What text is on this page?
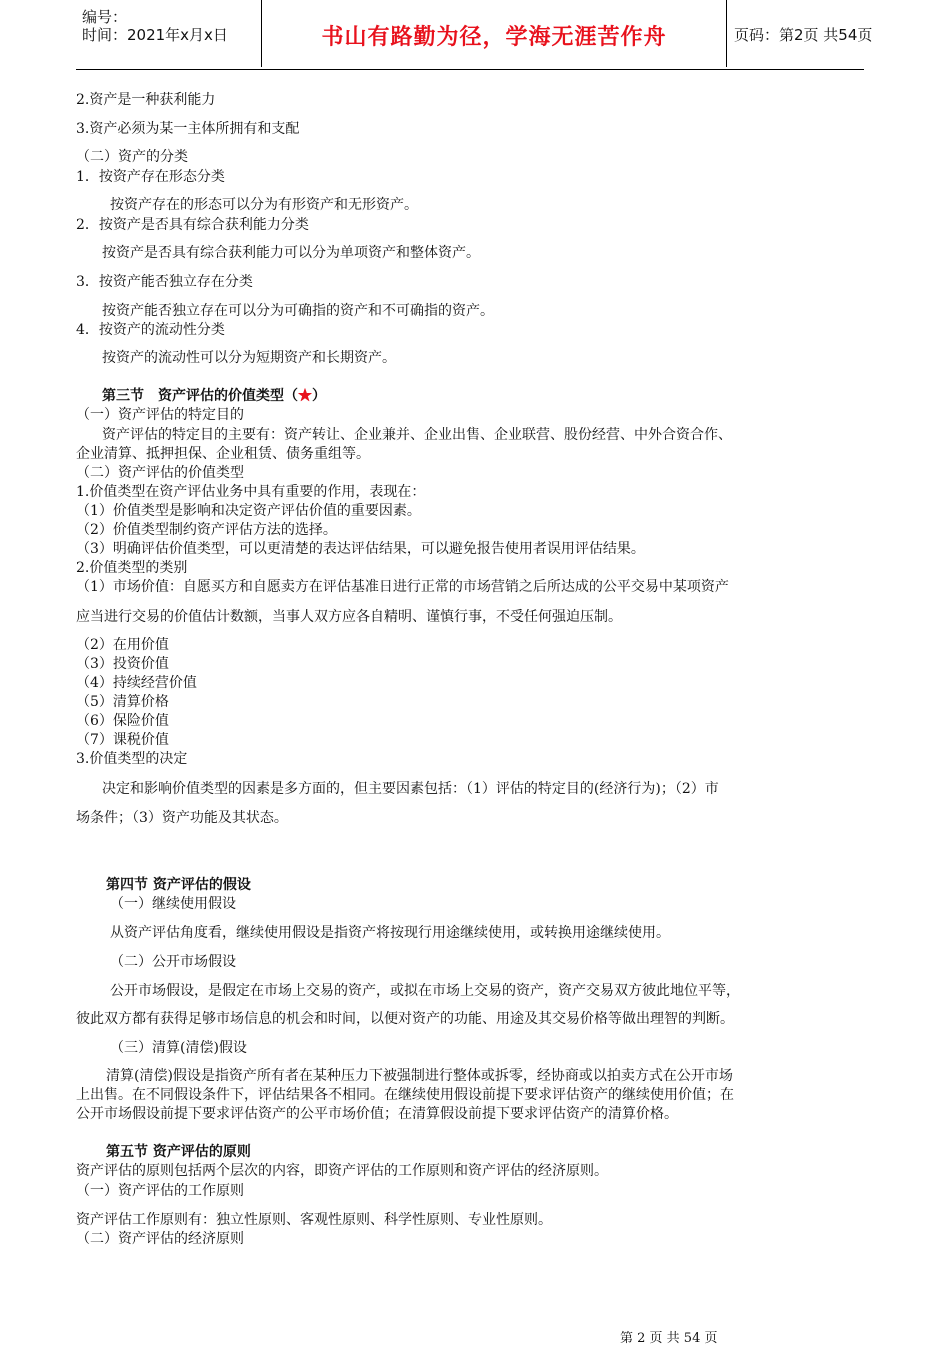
编号：
时间：2021年x月x日	书山有路勤为径，学海无涯苦作舟	页码：第2页 共54页
2.资产是一种获利能力
3.资产必须为某一主体所拥有和支配
（二）资产的分类
1．按资产存在形态分类
按资产存在的形态可以分为有形资产和无形资产。
2．按资产是否具有综合获利能力分类
按资产是否具有综合获利能力可以分为单项资产和整体资产。
3．按资产能否独立存在分类
按资产能否独立存在可以分为可确指的资产和不可确指的资产。
4．按资产的流动性分类
按资产的流动性可以分为短期资产和长期资产。
第三节　资产评估的价值类型（★）
（一）资产评估的特定目的
资产评估的特定目的主要有：资产转让、企业兼并、企业出售、企业联营、股份经营、中外合资合作、
企业清算、抵押担保、企业租赁、债务重组等。
（二）资产评估的价值类型
1.价值类型在资产评估业务中具有重要的作用，表现在：
（1）价值类型是影响和决定资产评估价值的重要因素。
（2）价值类型制约资产评估方法的选择。
（3）明确评估价值类型，可以更清楚的表达评估结果，可以避免报告使用者误用评估结果。
2.价值类型的类别
（1）市场价值：自愿买方和自愿卖方在评估基准日进行正常的市场营销之后所达成的公平交易中某项资产
应当进行交易的价值估计数额，当事人双方应各自精明、谨慎行事，不受任何强迫压制。
（2）在用价值
（3）投资价值
（4）持续经营价值
（5）清算价格
（6）保险价值
（7）课税价值
3.价值类型的决定
决定和影响价值类型的因素是多方面的，但主要因素包括：（1）评估的特定目的(经济行为)；（2）市
场条件；（3）资产功能及其状态。
第四节 资产评估的假设
（一）继续使用假设
从资产评估角度看，继续使用假设是指资产将按现行用途继续使用，或转换用途继续使用。
（二）公开市场假设
公开市场假设，是假定在市场上交易的资产，或拟在市场上交易的资产，资产交易双方彼此地位平等，
彼此双方都有获得足够市场信息的机会和时间，以便对资产的功能、用途及其交易价格等做出理智的判断。
（三）清算(清偿)假设
清算(清偿)假设是指资产所有者在某种压力下被强制进行整体或拆零，经协商或以拍卖方式在公开市场
上出售。在不同假设条件下，评估结果各不相同。在继续使用假设前提下要求评估资产的继续使用价值；在
公开市场假设前提下要求评估资产的公平市场价值；在清算假设前提下要求评估资产的清算价格。
第五节 资产评估的原则
资产评估的原则包括两个层次的内容，即资产评估的工作原则和资产评估的经济原则。
（一）资产评估的工作原则
资产评估工作原则有：独立性原则、客观性原则、科学性原则、专业性原则。
（二）资产评估的经济原则
第 2 页 共 54 页
